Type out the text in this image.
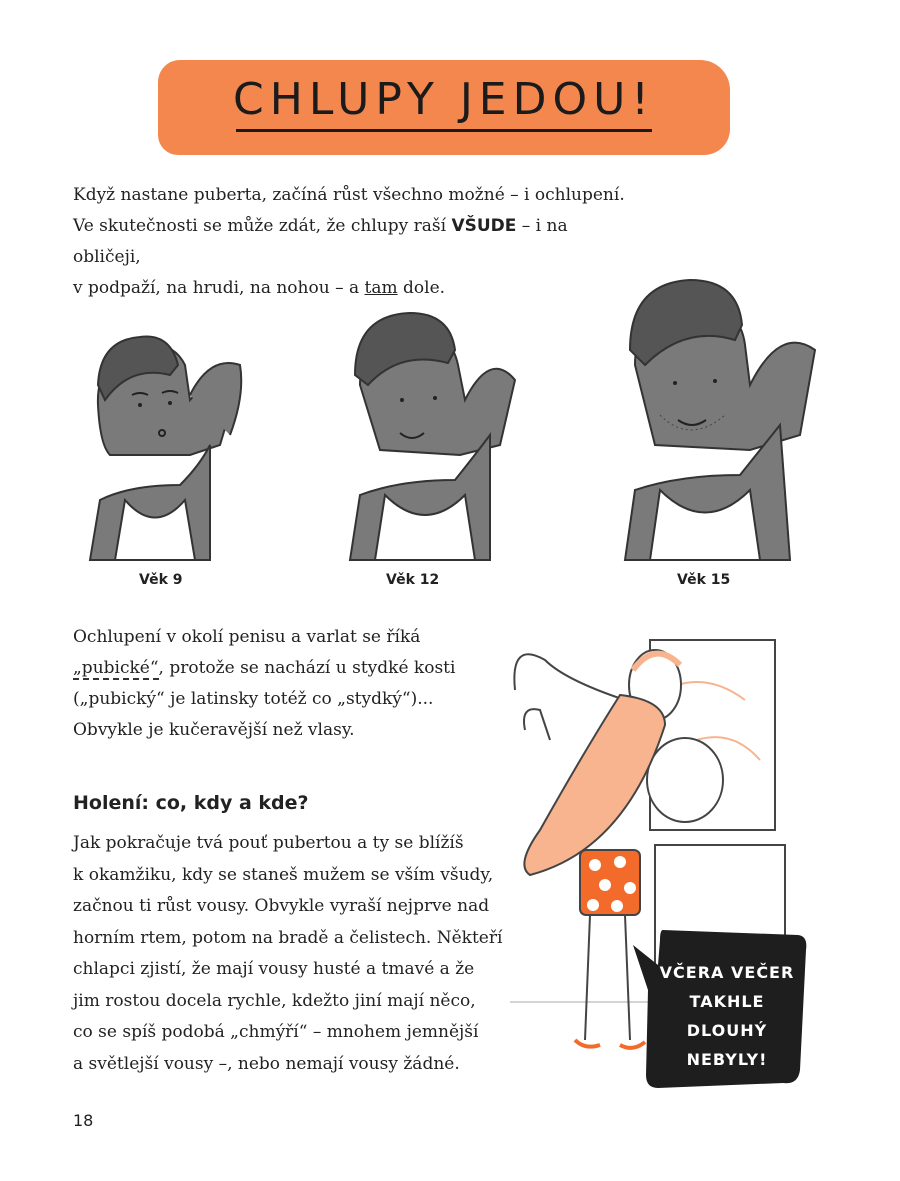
CHLUPY JEDOU!

Když nastane puberta, začíná růst všechno možné – i ochlupení.

Ve skutečnosti se může zdát, že chlupy raší VŠUDE – i na obličeji,

v podpaží, na hrudi, na nohou – a tam dole.

Věk 9	Věk 12	Věk 15

Ochlupení v okolí penisu a varlat se říká

„pubické“, protože se nachází u stydké kosti

(„pubický“ je latinsky totéž co „stydký“)...

Obvykle je kučeravější než vlasy.

Holení: co, kdy a kde?

Jak pokračuje tvá pouť pubertou a ty se blížíš

k okamžiku, kdy se staneš mužem se vším všudy,

začnou ti růst vousy. Obvykle vyraší nejprve nad

horním rtem, potom na bradě a čelistech. Někteří

chlapci zjistí, že mají vousy husté a tmavé a že

jim rostou docela rychle, kdežto jiní mají něco,

co se spíš podobá „chmýří“ – mnohem jemnější

a světlejší vousy –, nebo nemají vousy žádné.

VČERA VEČER
TAKHLE
DLOUHÝ
NEBYLY!
18
